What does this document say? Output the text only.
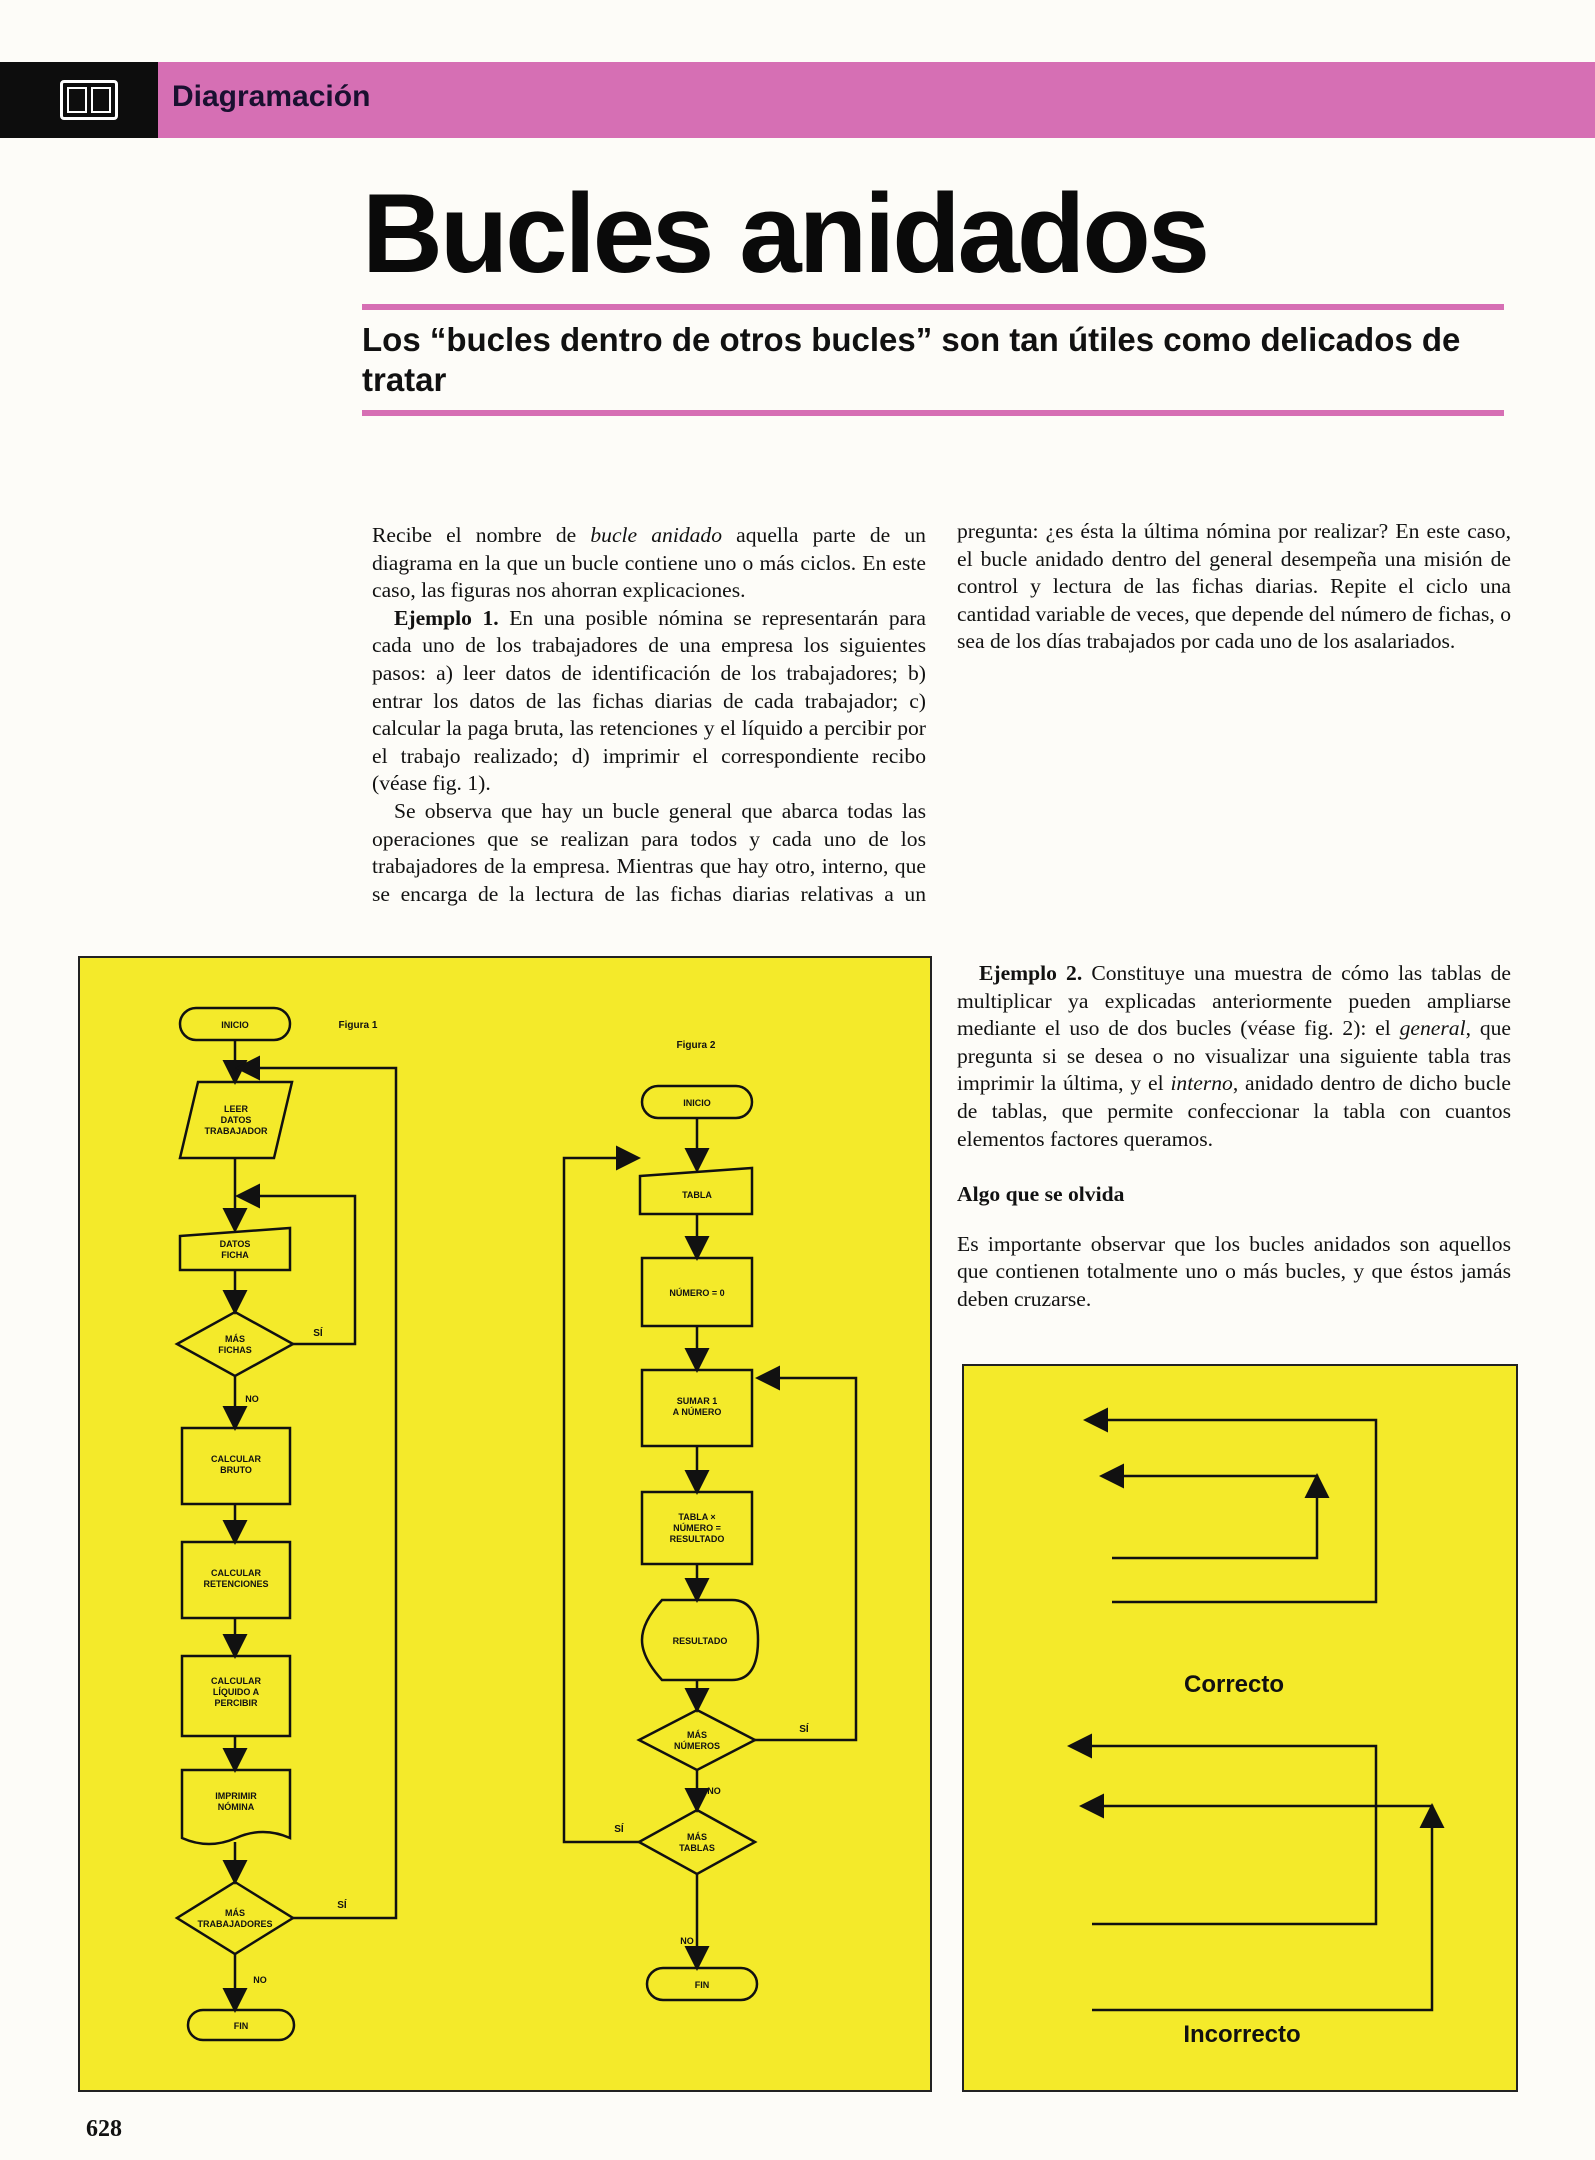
Diagramación
Bucles anidados
Los “bucles dentro de otros bucles” son tan útiles como delicados de tratar

Recibe el nombre de bucle anidado aquella parte de un diagrama en la que un bucle contiene uno o más ciclos. En este caso, las figuras nos ahorran explicaciones.

Ejemplo 1. En una posible nómina se representarán para cada uno de los trabajadores de una empresa los siguientes pasos: a) leer datos de identificación de los trabajadores; b) entrar los datos de las fichas diarias de cada trabajador; c) calcular la paga bruta, las retenciones y el líquido a percibir por el trabajo realizado; d) imprimir el correspondiente recibo (véase fig. 1).

Se observa que hay un bucle general que abarca todas las operaciones que se realizan para todos y cada uno de los trabajadores de la empresa. Mientras que hay otro, interno, que se encarga de la lectura de las fichas diarias relativas a un

pregunta: ¿es ésta la última nómina por realizar? En este caso, el bucle anidado dentro del general desempeña una misión de control y lectura de las fichas diarias. Repite el ciclo una cantidad variable de veces, que depende del número de fichas, o sea de los días trabajados por cada uno de los asalariados.

Ejemplo 2. Constituye una muestra de cómo las tablas de multiplicar ya explicadas anteriormente pueden ampliarse mediante el uso de dos bucles (véase fig. 2): el general, que pregunta si se desea o no visualizar una siguiente tabla tras imprimir la última, y el interno, anidado dentro de dicho bucle de tablas, que permite confeccionar la tabla con cuantos elementos factores queramos.

Algo que se olvida

Es importante observar que los bucles anidados son aquellos que contienen totalmente uno o más bucles, y que éstos jamás deben cruzarse.

Figura 1
INICIO
LEER
DATOS
TRABAJADOR
DATOS
FICHA
MÁS
FICHAS
SÍ
NO
CALCULAR
BRUTO
CALCULAR
RETENCIONES
CALCULAR
LÍQUIDO A
PERCIBIR
IMPRIMIR
NÓMINA
MÁS
TRABAJADORES
SÍ
NO
FIN
Figura 2
INICIO
TABLA
NÚMERO = 0
SUMAR 1
A NÚMERO
TABLA ×
NÚMERO =
RESULTADO
RESULTADO
MÁS
NÚMEROS
SÍ
NO
MÁS
TABLAS
SÍ
NO
FIN
Correcto
Incorrecto
628
